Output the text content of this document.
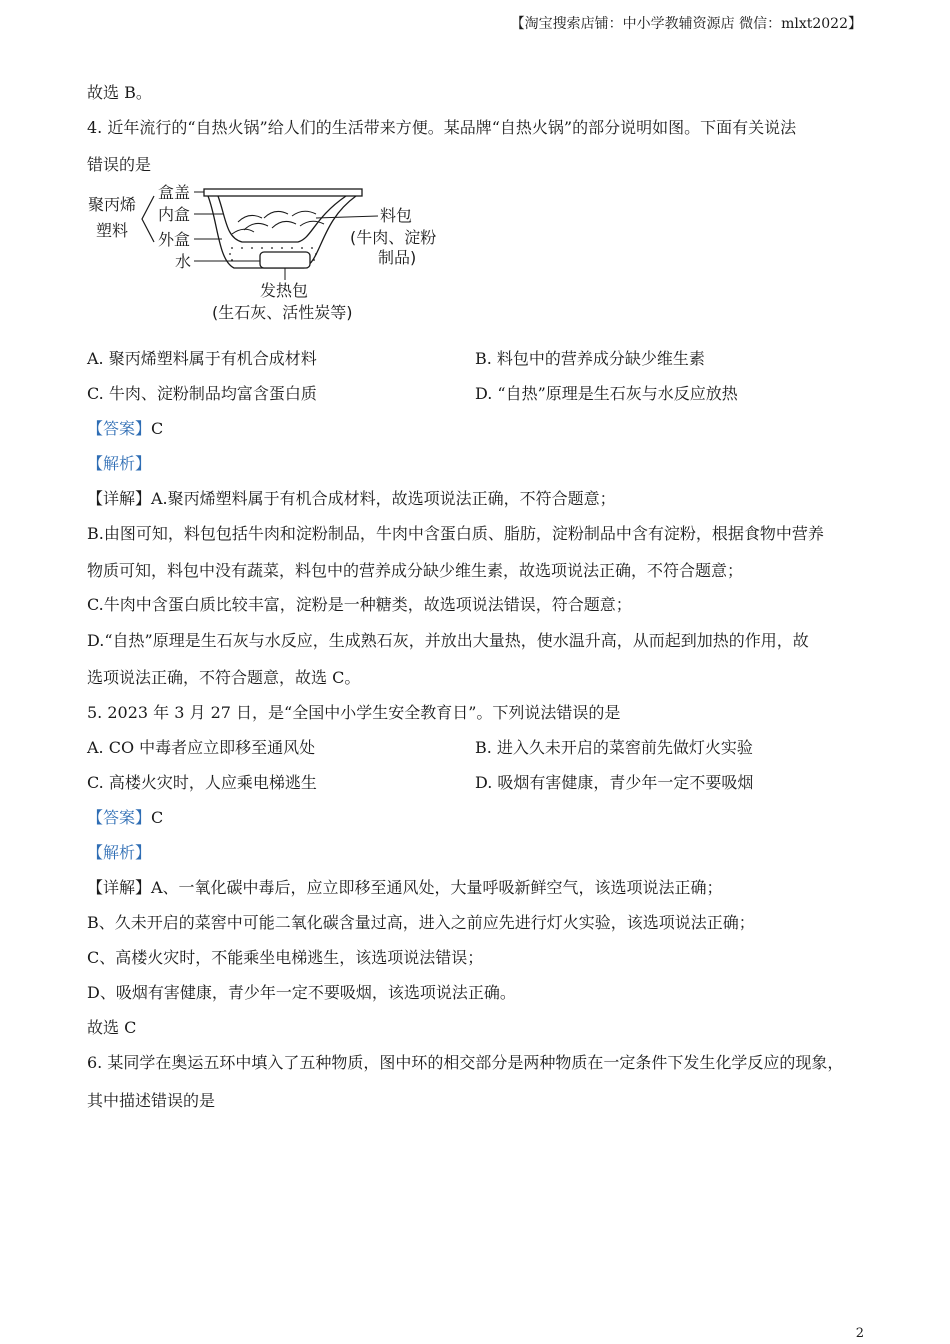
【淘宝搜索店铺：中小学教辅资源店 微信：mlxt2022】
故选 B。
4. 近年流行的“自热火锅”给人们的生活带来方便。某品牌“自热火锅”的部分说明如图。下面有关说法
错误的是
聚丙烯
塑料
盒盖
内盒
外盒
水
料包
(牛肉、淀粉
制品)
发热包
(生石灰、活性炭等)
A. 聚丙烯塑料属于有机合成材料	B. 料包中的营养成分缺少维生素
C. 牛肉、淀粉制品均富含蛋白质	D. “自热”原理是生石灰与水反应放热
【答案】C
【解析】
【详解】A.聚丙烯塑料属于有机合成材料，故选项说法正确，不符合题意；
B.由图可知，料包包括牛肉和淀粉制品，牛肉中含蛋白质、脂肪，淀粉制品中含有淀粉，根据食物中营养
物质可知，料包中没有蔬菜，料包中的营养成分缺少维生素，故选项说法正确，不符合题意；
C.牛肉中含蛋白质比较丰富，淀粉是一种糖类，故选项说法错误，符合题意；
D.“自热”原理是生石灰与水反应，生成熟石灰，并放出大量热，使水温升高，从而起到加热的作用，故
选项说法正确，不符合题意，故选 C。
5. 2023 年 3 月 27 日，是“全国中小学生安全教育日”。下列说法错误的是
A. CO 中毒者应立即移至通风处	B. 进入久未开启的菜窖前先做灯火实验
C. 高楼火灾时，人应乘电梯逃生	D. 吸烟有害健康，青少年一定不要吸烟
【答案】C
【解析】
【详解】A、一氧化碳中毒后，应立即移至通风处，大量呼吸新鲜空气，该选项说法正确；
B、久未开启的菜窖中可能二氧化碳含量过高，进入之前应先进行灯火实验，该选项说法正确；
C、高楼火灾时，不能乘坐电梯逃生，该选项说法错误；
D、吸烟有害健康，青少年一定不要吸烟，该选项说法正确。
故选 C
6. 某同学在奥运五环中填入了五种物质，图中环的相交部分是两种物质在一定条件下发生化学反应的现象，
其中描述错误的是
2
